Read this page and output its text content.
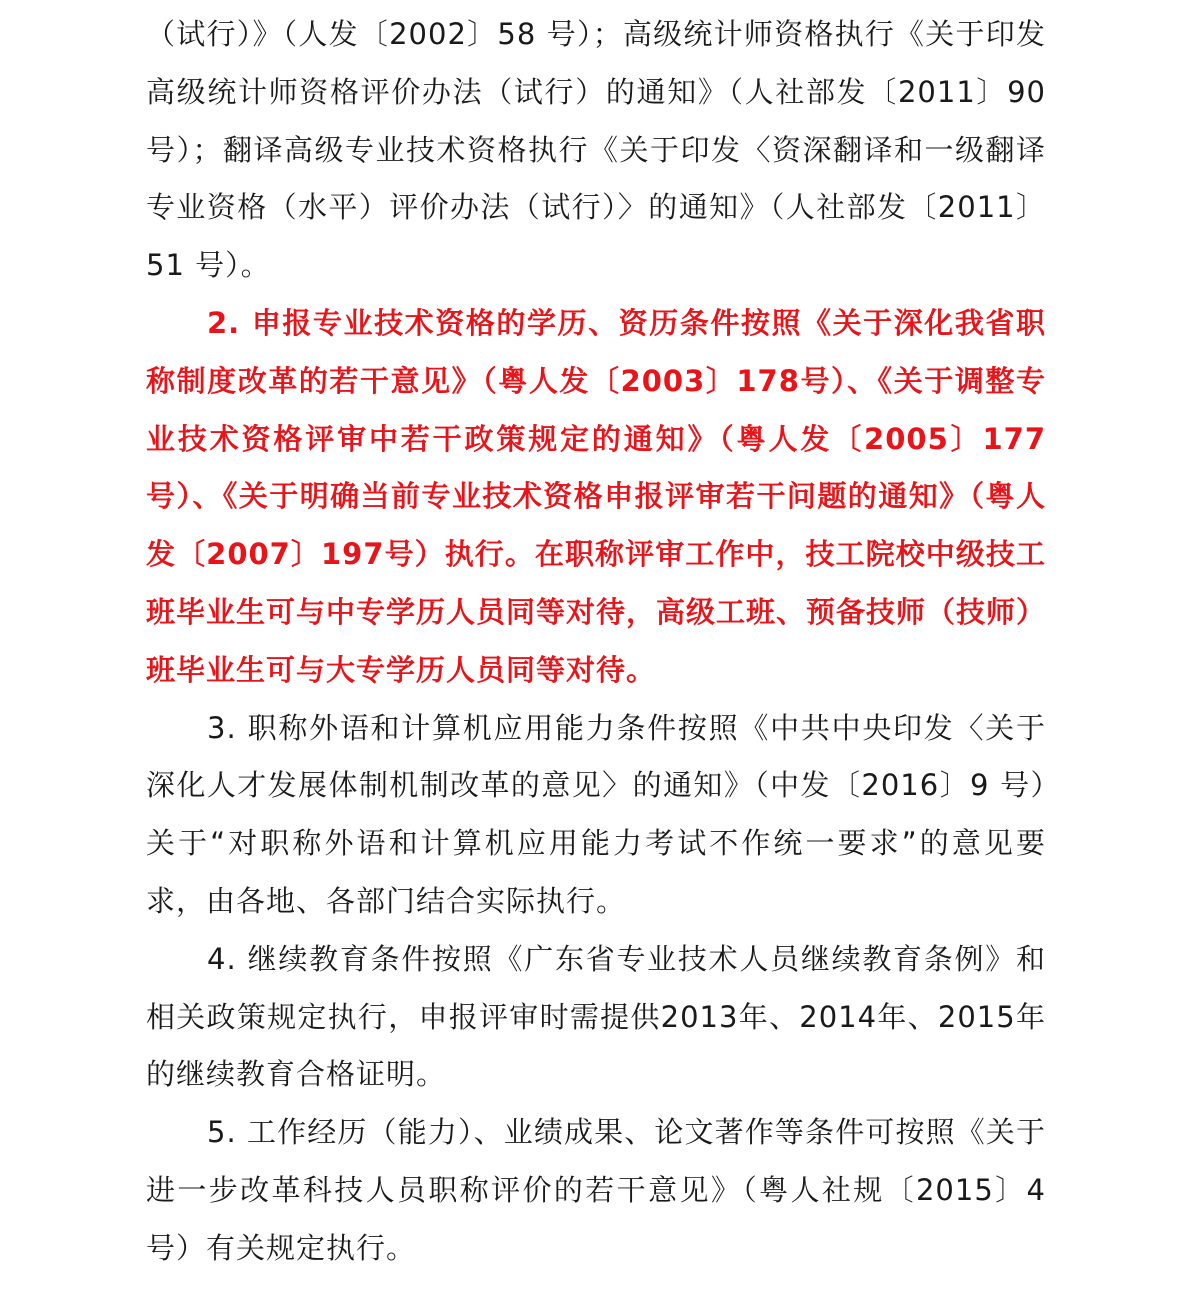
（试行）》（人发〔2002〕58 号）；高级统计师资格执行《关于印发高级统计师资格评价办法（试行）的通知》（人社部发〔2011〕90 号）；翻译高级专业技术资格执行《关于印发〈资深翻译和一级翻译专业资格（水平）评价办法（试行）〉的通知》（人社部发〔2011〕51 号）。

2. 申报专业技术资格的学历、资历条件按照《关于深化我省职称制度改革的若干意见》（粤人发〔2003〕178号）、《关于调整专业技术资格评审中若干政策规定的通知》（粤人发〔2005〕177号）、《关于明确当前专业技术资格申报评审若干问题的通知》（粤人发〔2007〕197号）执行。在职称评审工作中，技工院校中级技工班毕业生可与中专学历人员同等对待，高级工班、预备技师（技师）班毕业生可与大专学历人员同等对待。

3. 职称外语和计算机应用能力条件按照《中共中央印发〈关于深化人才发展体制机制改革的意见〉的通知》（中发〔2016〕9 号）关于“对职称外语和计算机应用能力考试不作统一要求”的意见要求，由各地、各部门结合实际执行。

4. 继续教育条件按照《广东省专业技术人员继续教育条例》和相关政策规定执行，申报评审时需提供2013年、2014年、2015年的继续教育合格证明。

5. 工作经历（能力）、业绩成果、论文著作等条件可按照《关于进一步改革科技人员职称评价的若干意见》（粤人社规〔2015〕4号）有关规定执行。
